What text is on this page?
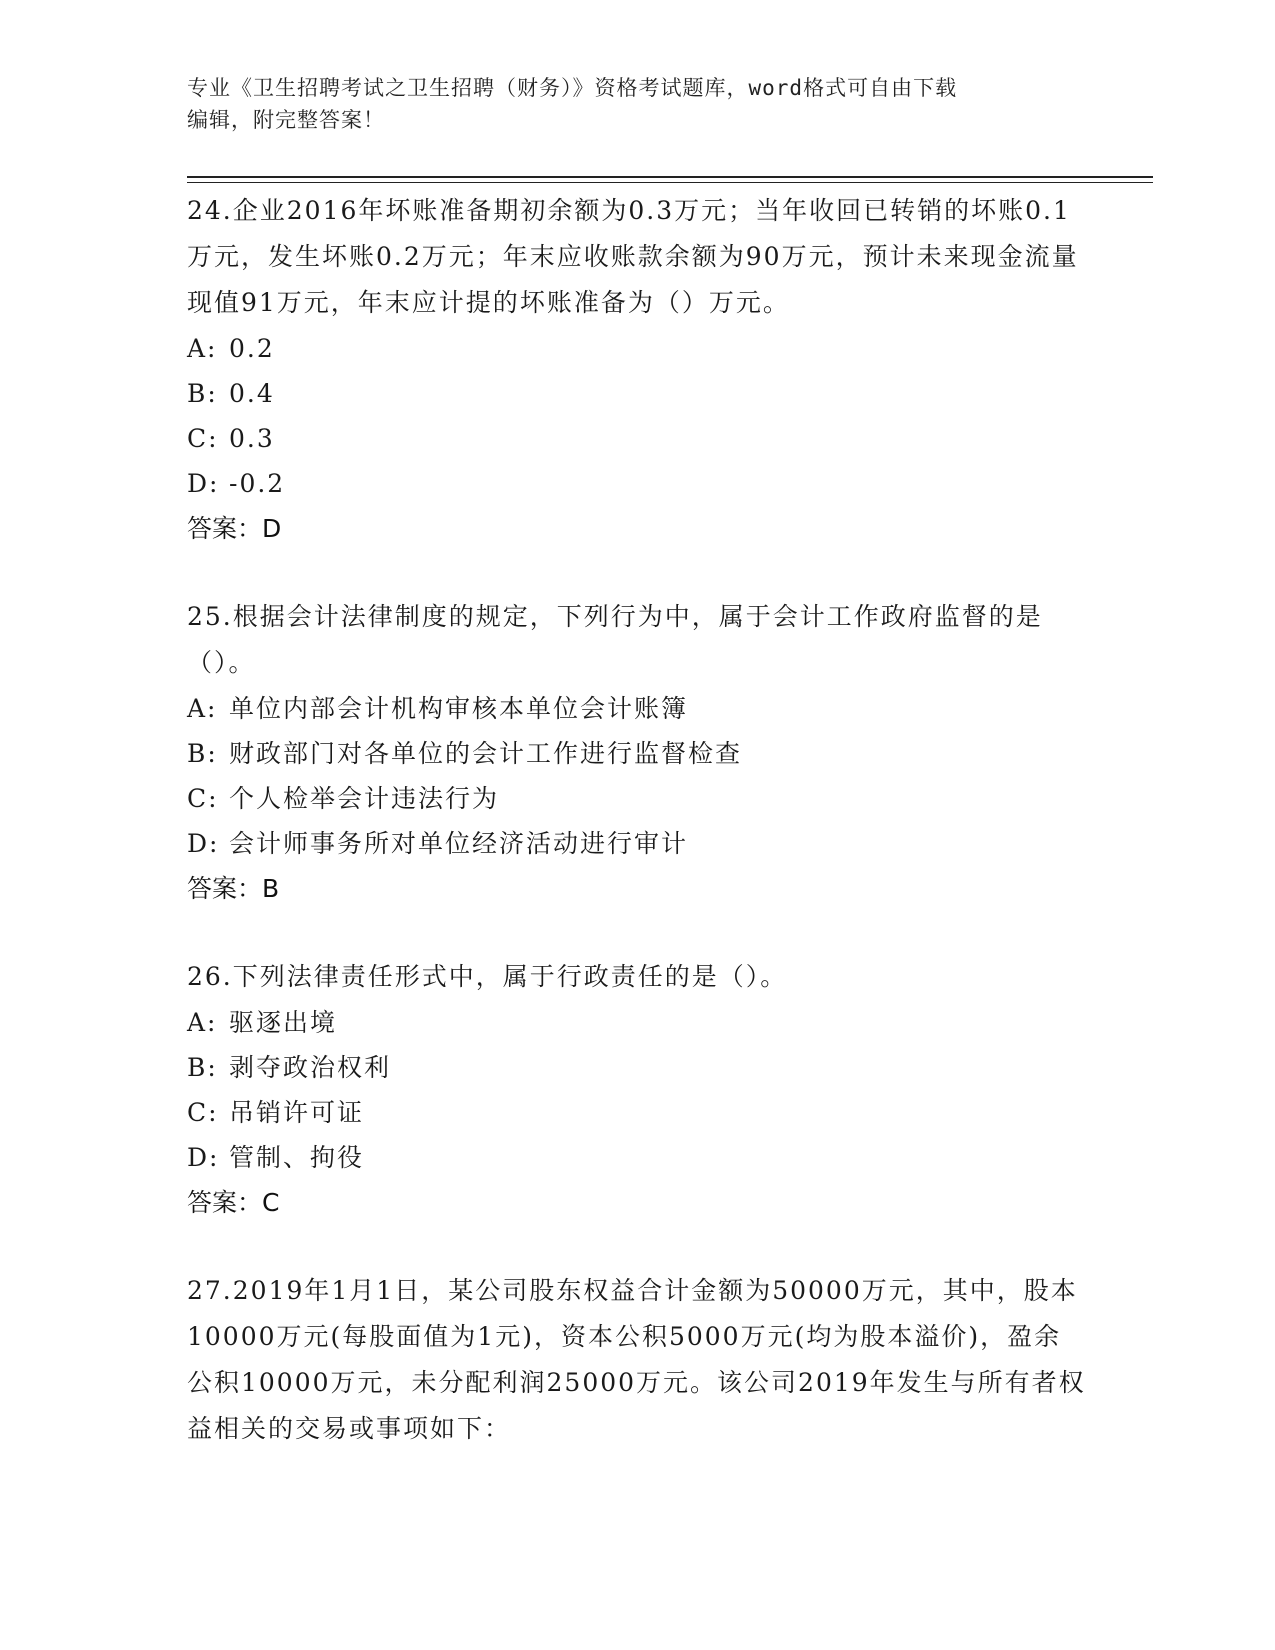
专业《卫生招聘考试之卫生招聘（财务）》资格考试题库，word格式可自由下载
编辑，附完整答案！

24.企业2016年坏账准备期初余额为0.3万元；当年收回已转销的坏账0.1万元，发生坏账0.2万元；年末应收账款余额为90万元，预计未来现金流量现值91万元，年末应计提的坏账准备为（）万元。

A: 0.2

B: 0.4

C: 0.3

D: -0.2

答案：D

25.根据会计法律制度的规定，下列行为中，属于会计工作政府监督的是（）。

A: 单位内部会计机构审核本单位会计账簿

B: 财政部门对各单位的会计工作进行监督检查

C: 个人检举会计违法行为

D: 会计师事务所对单位经济活动进行审计

答案：B

26.下列法律责任形式中，属于行政责任的是（）。

A: 驱逐出境

B: 剥夺政治权利

C: 吊销许可证

D: 管制、拘役

答案：C

27.2019年1月1日，某公司股东权益合计金额为50000万元，其中，股本10000万元(每股面值为1元)，资本公积5000万元(均为股本溢价)，盈余公积10000万元，未分配利润25000万元。该公司2019年发生与所有者权益相关的交易或事项如下：
